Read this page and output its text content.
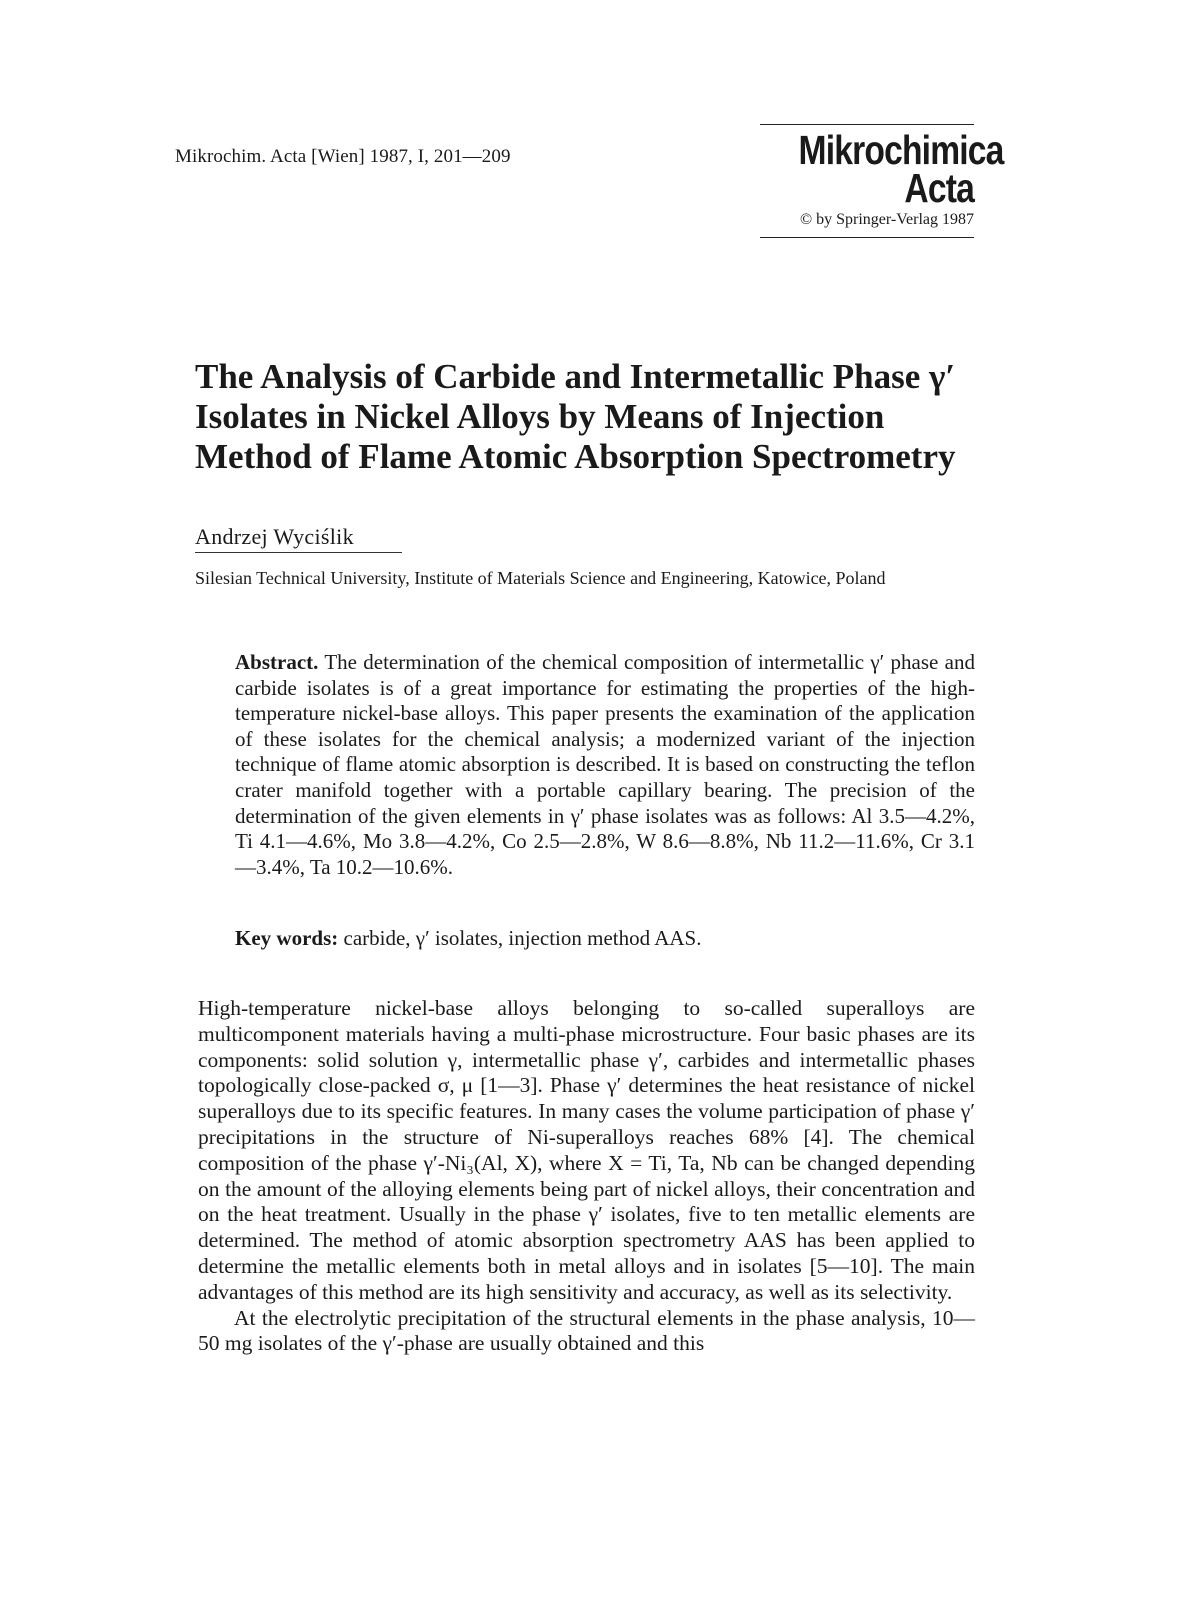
Mikrochim. Acta [Wien] 1987, I, 201—209	Mikrochimica
Acta
© by Springer-Verlag 1987
The Analysis of Carbide and Intermetallic Phase γ′ Isolates in Nickel Alloys by Means of Injection Method of Flame Atomic Absorption Spectrometry
Andrzej Wyciślik
Silesian Technical University, Institute of Materials Science and Engineering, Katowice, Poland
Abstract. The determination of the chemical composition of intermetallic γ′ phase and carbide isolates is of a great importance for estimating the properties of the high-temperature nickel-base alloys. This paper presents the examination of the application of these isolates for the chemical analysis; a modernized variant of the injection technique of flame atomic absorption is described. It is based on constructing the teflon crater manifold together with a portable capillary bearing. The precision of the determination of the given elements in γ′ phase isolates was as follows: Al 3.5—4.2%, Ti 4.1—4.6%, Mo 3.8—4.2%, Co 2.5—2.8%, W 8.6—8.8%, Nb 11.2—11.6%, Cr 3.1—3.4%, Ta 10.2—10.6%.
Key words: carbide, γ′ isolates, injection method AAS.

High-temperature nickel-base alloys belonging to so-called superalloys are multicomponent materials having a multi-phase microstructure. Four basic phases are its components: solid solution γ, intermetallic phase γ′, carbides and intermetallic phases topologically close-packed σ, μ [1—3]. Phase γ′ determines the heat resistance of nickel superalloys due to its specific features. In many cases the volume participation of phase γ′ precipitations in the structure of Ni-superalloys reaches 68% [4]. The chemical composition of the phase γ′-Ni₃(Al, X), where X = Ti, Ta, Nb can be changed depending on the amount of the alloying elements being part of nickel alloys, their concentration and on the heat treatment. Usually in the phase γ′ isolates, five to ten metallic elements are determined. The method of atomic absorption spectrometry AAS has been applied to determine the metallic elements both in metal alloys and in isolates [5—10]. The main advantages of this method are its high sensitivity and accuracy, as well as its selectivity.

At the electrolytic precipitation of the structural elements in the phase analysis, 10—50 mg isolates of the γ′-phase are usually obtained and this
